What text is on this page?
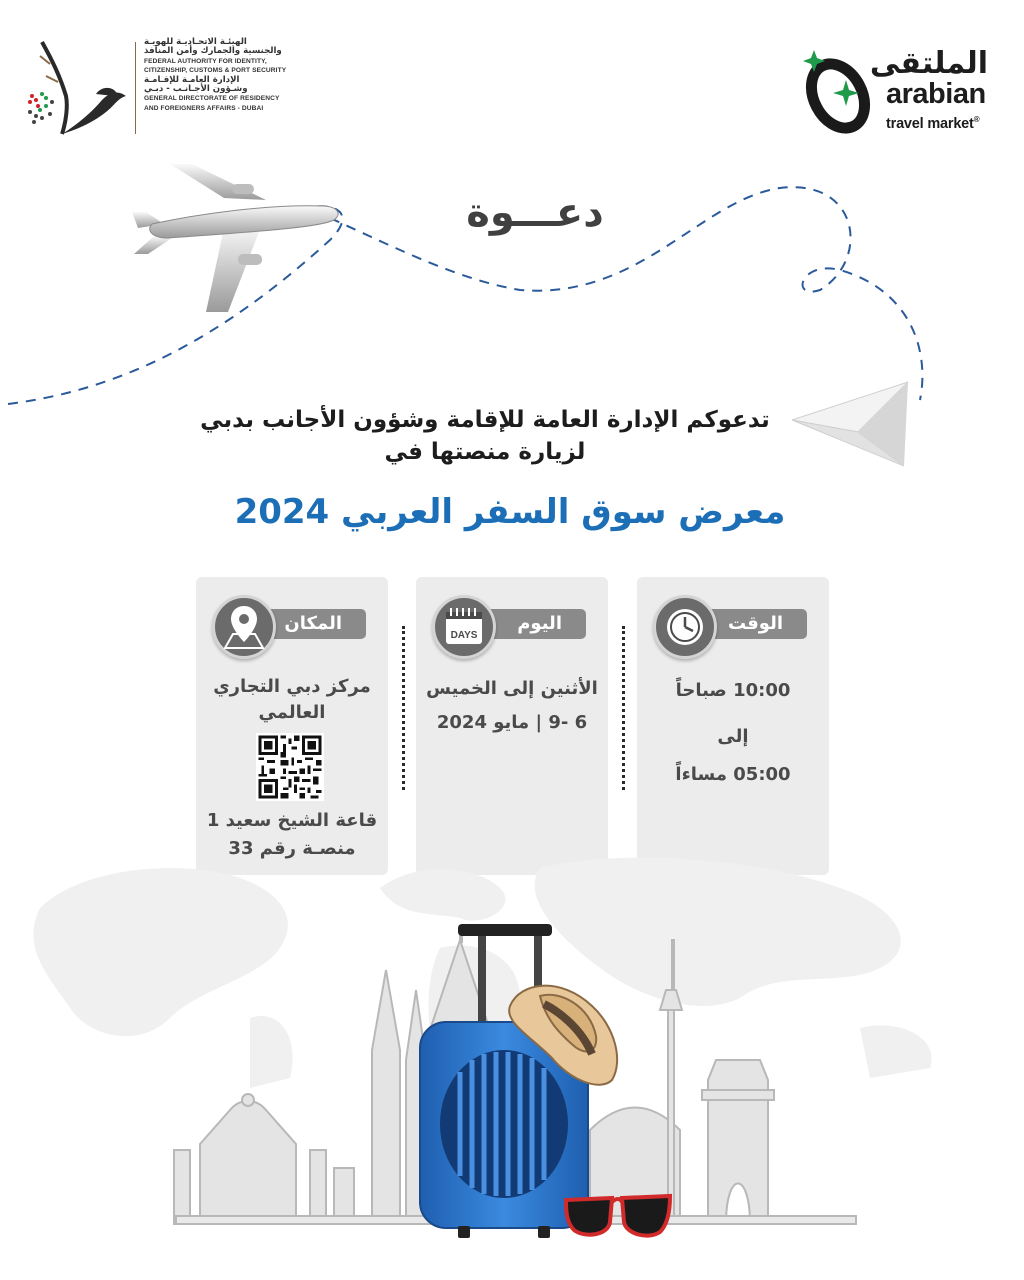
الهيئـة الاتحـاديـة للهويـة
والجنسية والجمارك وأمن المنافذ
FEDERAL AUTHORITY FOR IDENTITY,
CITIZENSHIP, CUSTOMS & PORT SECURITY
الإدارة العامـة للإقـامـة
وشـؤون الأجـانـب - دبـي
GENERAL DIRECTORATE OF RESIDENCY
AND FOREIGNERS AFFAIRS - DUBAI
الملتقى
arabian
travel market®
دعـــوة
تدعوكم الإدارة العامة للإقامة وشؤون الأجانب بدبي
لزيارة منصتها في
معرض سوق السفر العربي 2024
المكان
مركز دبي التجاري
العالمي
قاعة الشيخ سعيد 1
منصـة رقم 33
اليوم
DAYS
الأثنين إلى الخميس
6 -9 | مايو 2024
الوقت
10:00 صباحاً
إلى
05:00 مساءاً
